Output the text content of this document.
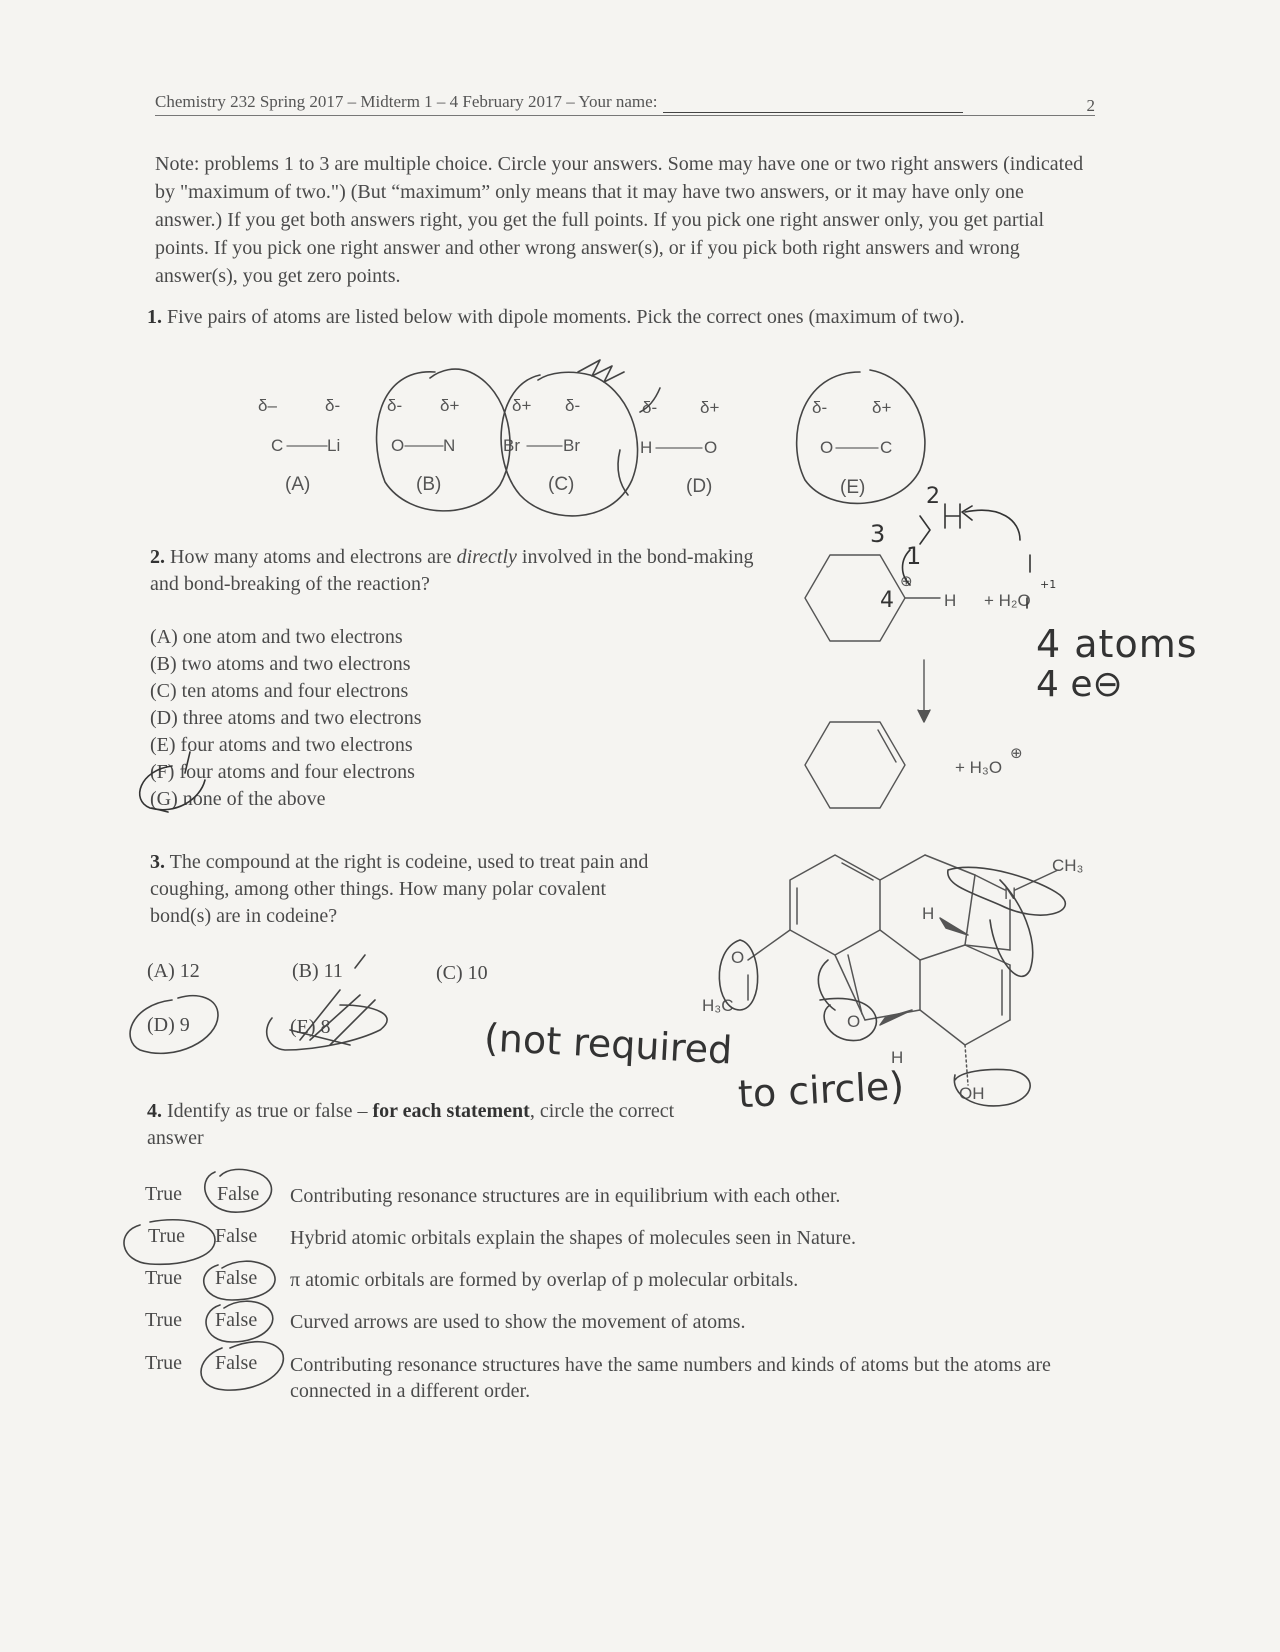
Chemistry 232 Spring 2017 – Midterm 1 – 4 February 2017 – Your name:	2
Note: problems 1 to 3 are multiple choice. Circle your answers. Some may have one or two right answers (indicated by "maximum of two.") (But “maximum” only means that it may have two answers, or it may have only one answer.) If you get both answers right, you get the full points. If you pick one right answer only, you get partial points. If you pick one right answer and other wrong answer(s), or if you pick both right answers and wrong answer(s), you get zero points.
1. Five pairs of atoms are listed below with dipole moments. Pick the correct ones (maximum of two).
δ–	δ-
C	Li
(A)
δ- δ+
O N
(B)
δ+ δ-
Br	Br
(C)
δ-	δ+
H	O
(D)
δ-	δ+
O	C
(E)
2. How many atoms and electrons are directly involved in the bond-making and bond-breaking of the reaction?
(A) one atom and two electrons
(B) two atoms and two electrons
(C) ten atoms and four electrons
(D) three atoms and two electrons
(E) four atoms and two electrons
(F) four atoms and four electrons
(G) none of the above
H + H₂O
⊕
+ H₃O
⊕
4 atoms
4 e⊖
2
3
4
1
+1
3. The compound at the right is codeine, used to treat pain and coughing, among other things. How many polar covalent bond(s) are in codeine?
(A) 12	(B) 11	(C) 10
(D) 9	(E) 8
CH₃
N
H
O
O
H₃C
H
OH
(not required
to circle)
4. Identify as true or false – for each statement, circle the correct answer
True False Contributing resonance structures are in equilibrium with each other.
True False Hybrid atomic orbitals explain the shapes of molecules seen in Nature.
True False π atomic orbitals are formed by overlap of p molecular orbitals.
True False Curved arrows are used to show the movement of atoms.
True False Contributing resonance structures have the same numbers and kinds of atoms but the atoms are connected in a different order.
